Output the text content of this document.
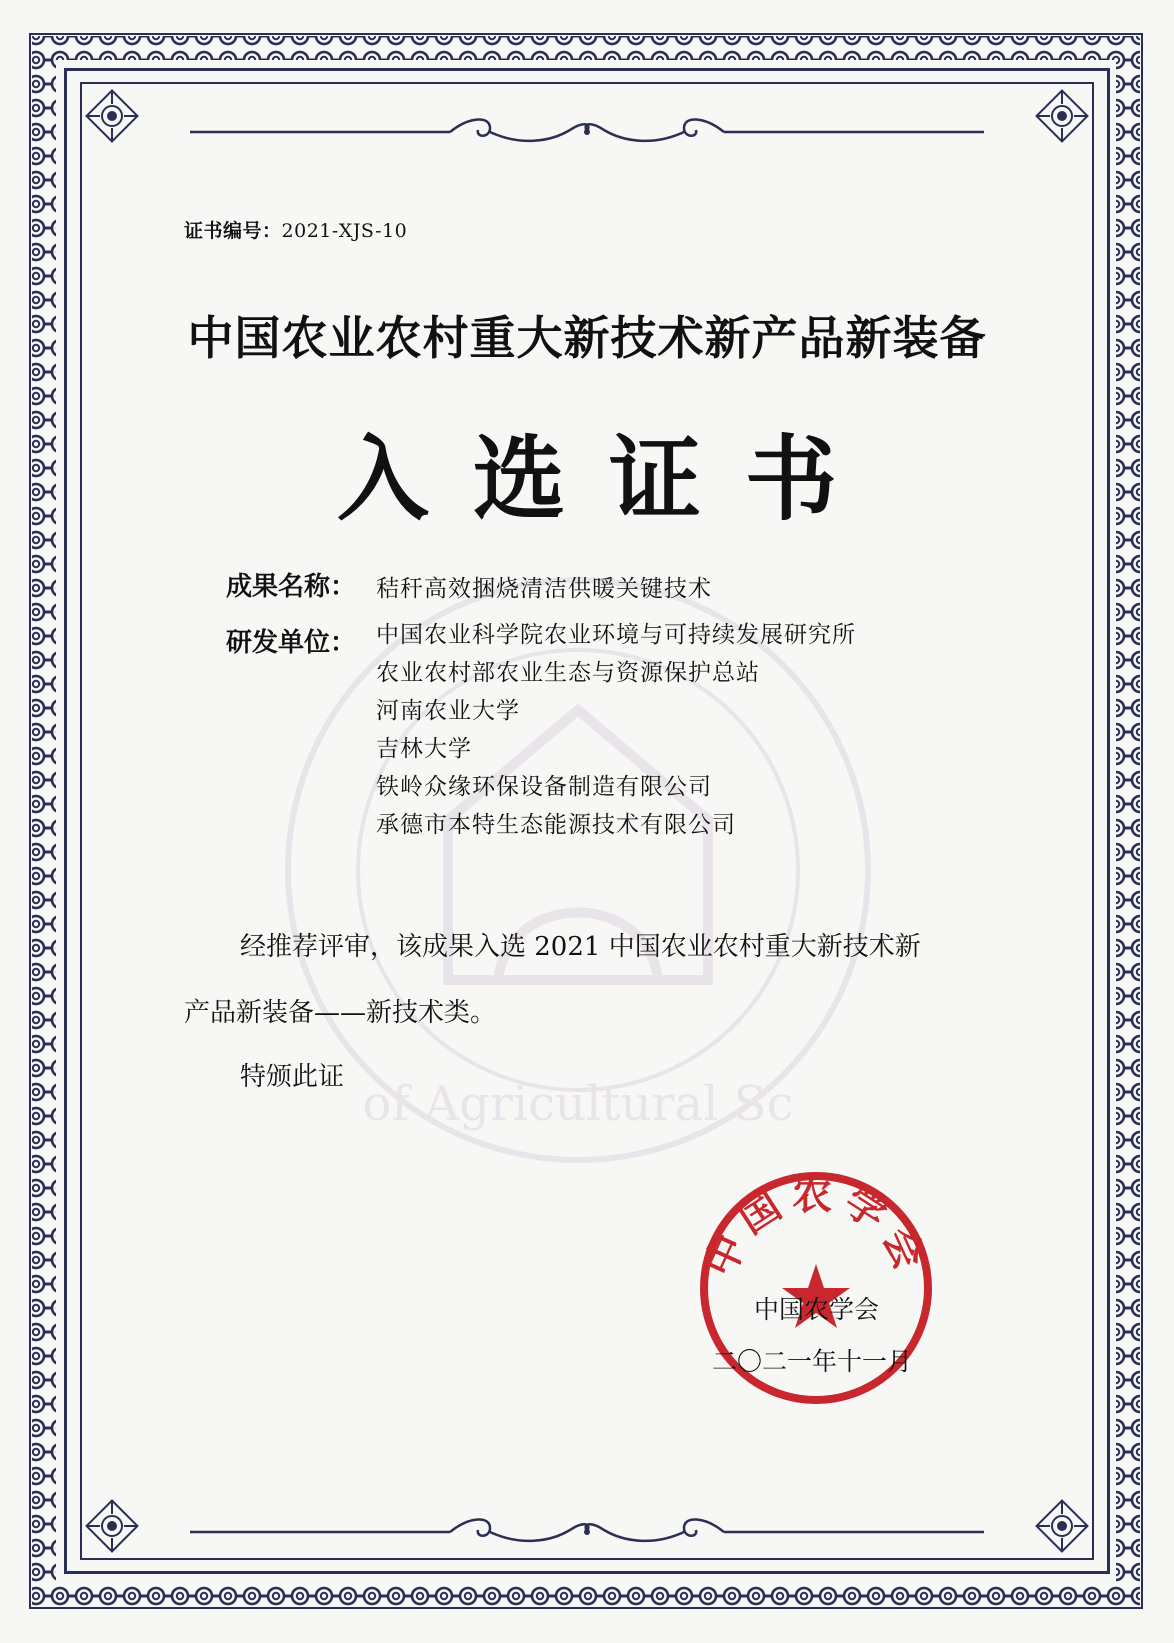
of Agricultural Sc
证书编号：2021-XJS-10
中国农业农村重大新技术新产品新装备
入选证书
成果名称： 秸秆高效捆烧清洁供暖关键技术
研发单位： 中国农业科学院农业环境与可持续发展研究所
农业农村部农业生态与资源保护总站
河南农业大学
吉林大学
铁岭众缘环保设备制造有限公司
承德市本特生态能源技术有限公司
经推荐评审，该成果入选 2021 中国农业农村重大新技术新
产品新装备——新技术类。
特颁此证
中国农学会
中国农学会
二〇二一年十一月
